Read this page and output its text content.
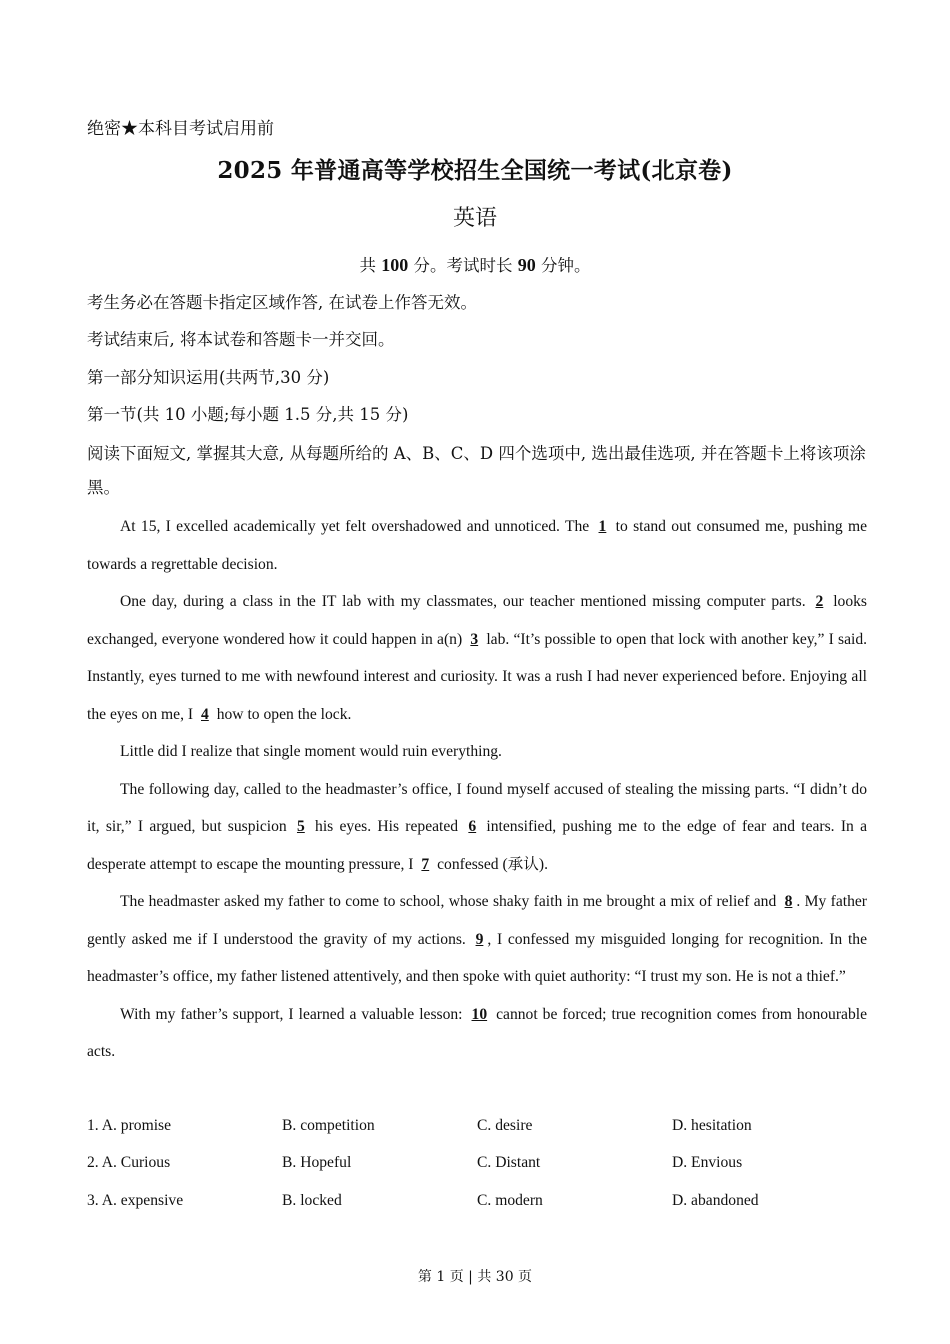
绝密★本科目考试启用前
2025 年普通高等学校招生全国统一考试(北京卷)
英语
共 100 分。考试时长 90 分钟。
考生务必在答题卡指定区域作答, 在试卷上作答无效。
考试结束后, 将本试卷和答题卡一并交回。
第一部分知识运用(共两节,30 分)
第一节(共 10 小题;每小题 1.5 分,共 15 分)
阅读下面短文, 掌握其大意, 从每题所给的 A、B、C、D 四个选项中, 选出最佳选项, 并在答题卡上将该项涂黑。

At 15, I excelled academically yet felt overshadowed and unnoticed. The 1 to stand out consumed me, pushing me towards a regrettable decision.

One day, during a class in the IT lab with my classmates, our teacher mentioned missing computer parts. 2 looks exchanged, everyone wondered how it could happen in a(n) 3 lab. “It’s possible to open that lock with another key,” I said. Instantly, eyes turned to me with newfound interest and curiosity. It was a rush I had never experienced before. Enjoying all the eyes on me, I 4 how to open the lock.

Little did I realize that single moment would ruin everything.

The following day, called to the headmaster’s office, I found myself accused of stealing the missing parts. “I didn’t do it, sir,” I argued, but suspicion 5 his eyes. His repeated 6 intensified, pushing me to the edge of fear and tears. In a desperate attempt to escape the mounting pressure, I 7 confessed (承认).

The headmaster asked my father to come to school, whose shaky faith in me brought a mix of relief and 8 . My father gently asked me if I understood the gravity of my actions. 9 , I confessed my misguided longing for recognition. In the headmaster’s office, my father listened attentively, and then spoke with quiet authority: “I trust my son. He is not a thief.”

With my father’s support, I learned a valuable lesson: 10 cannot be forced; true recognition comes from honourable acts.

1. A. promise	B. competition	C. desire	D. hesitation
2. A. Curious	B. Hopeful	C. Distant	D. Envious
3. A. expensive	B. locked	C. modern	D. abandoned
第 1 页 | 共 30 页
